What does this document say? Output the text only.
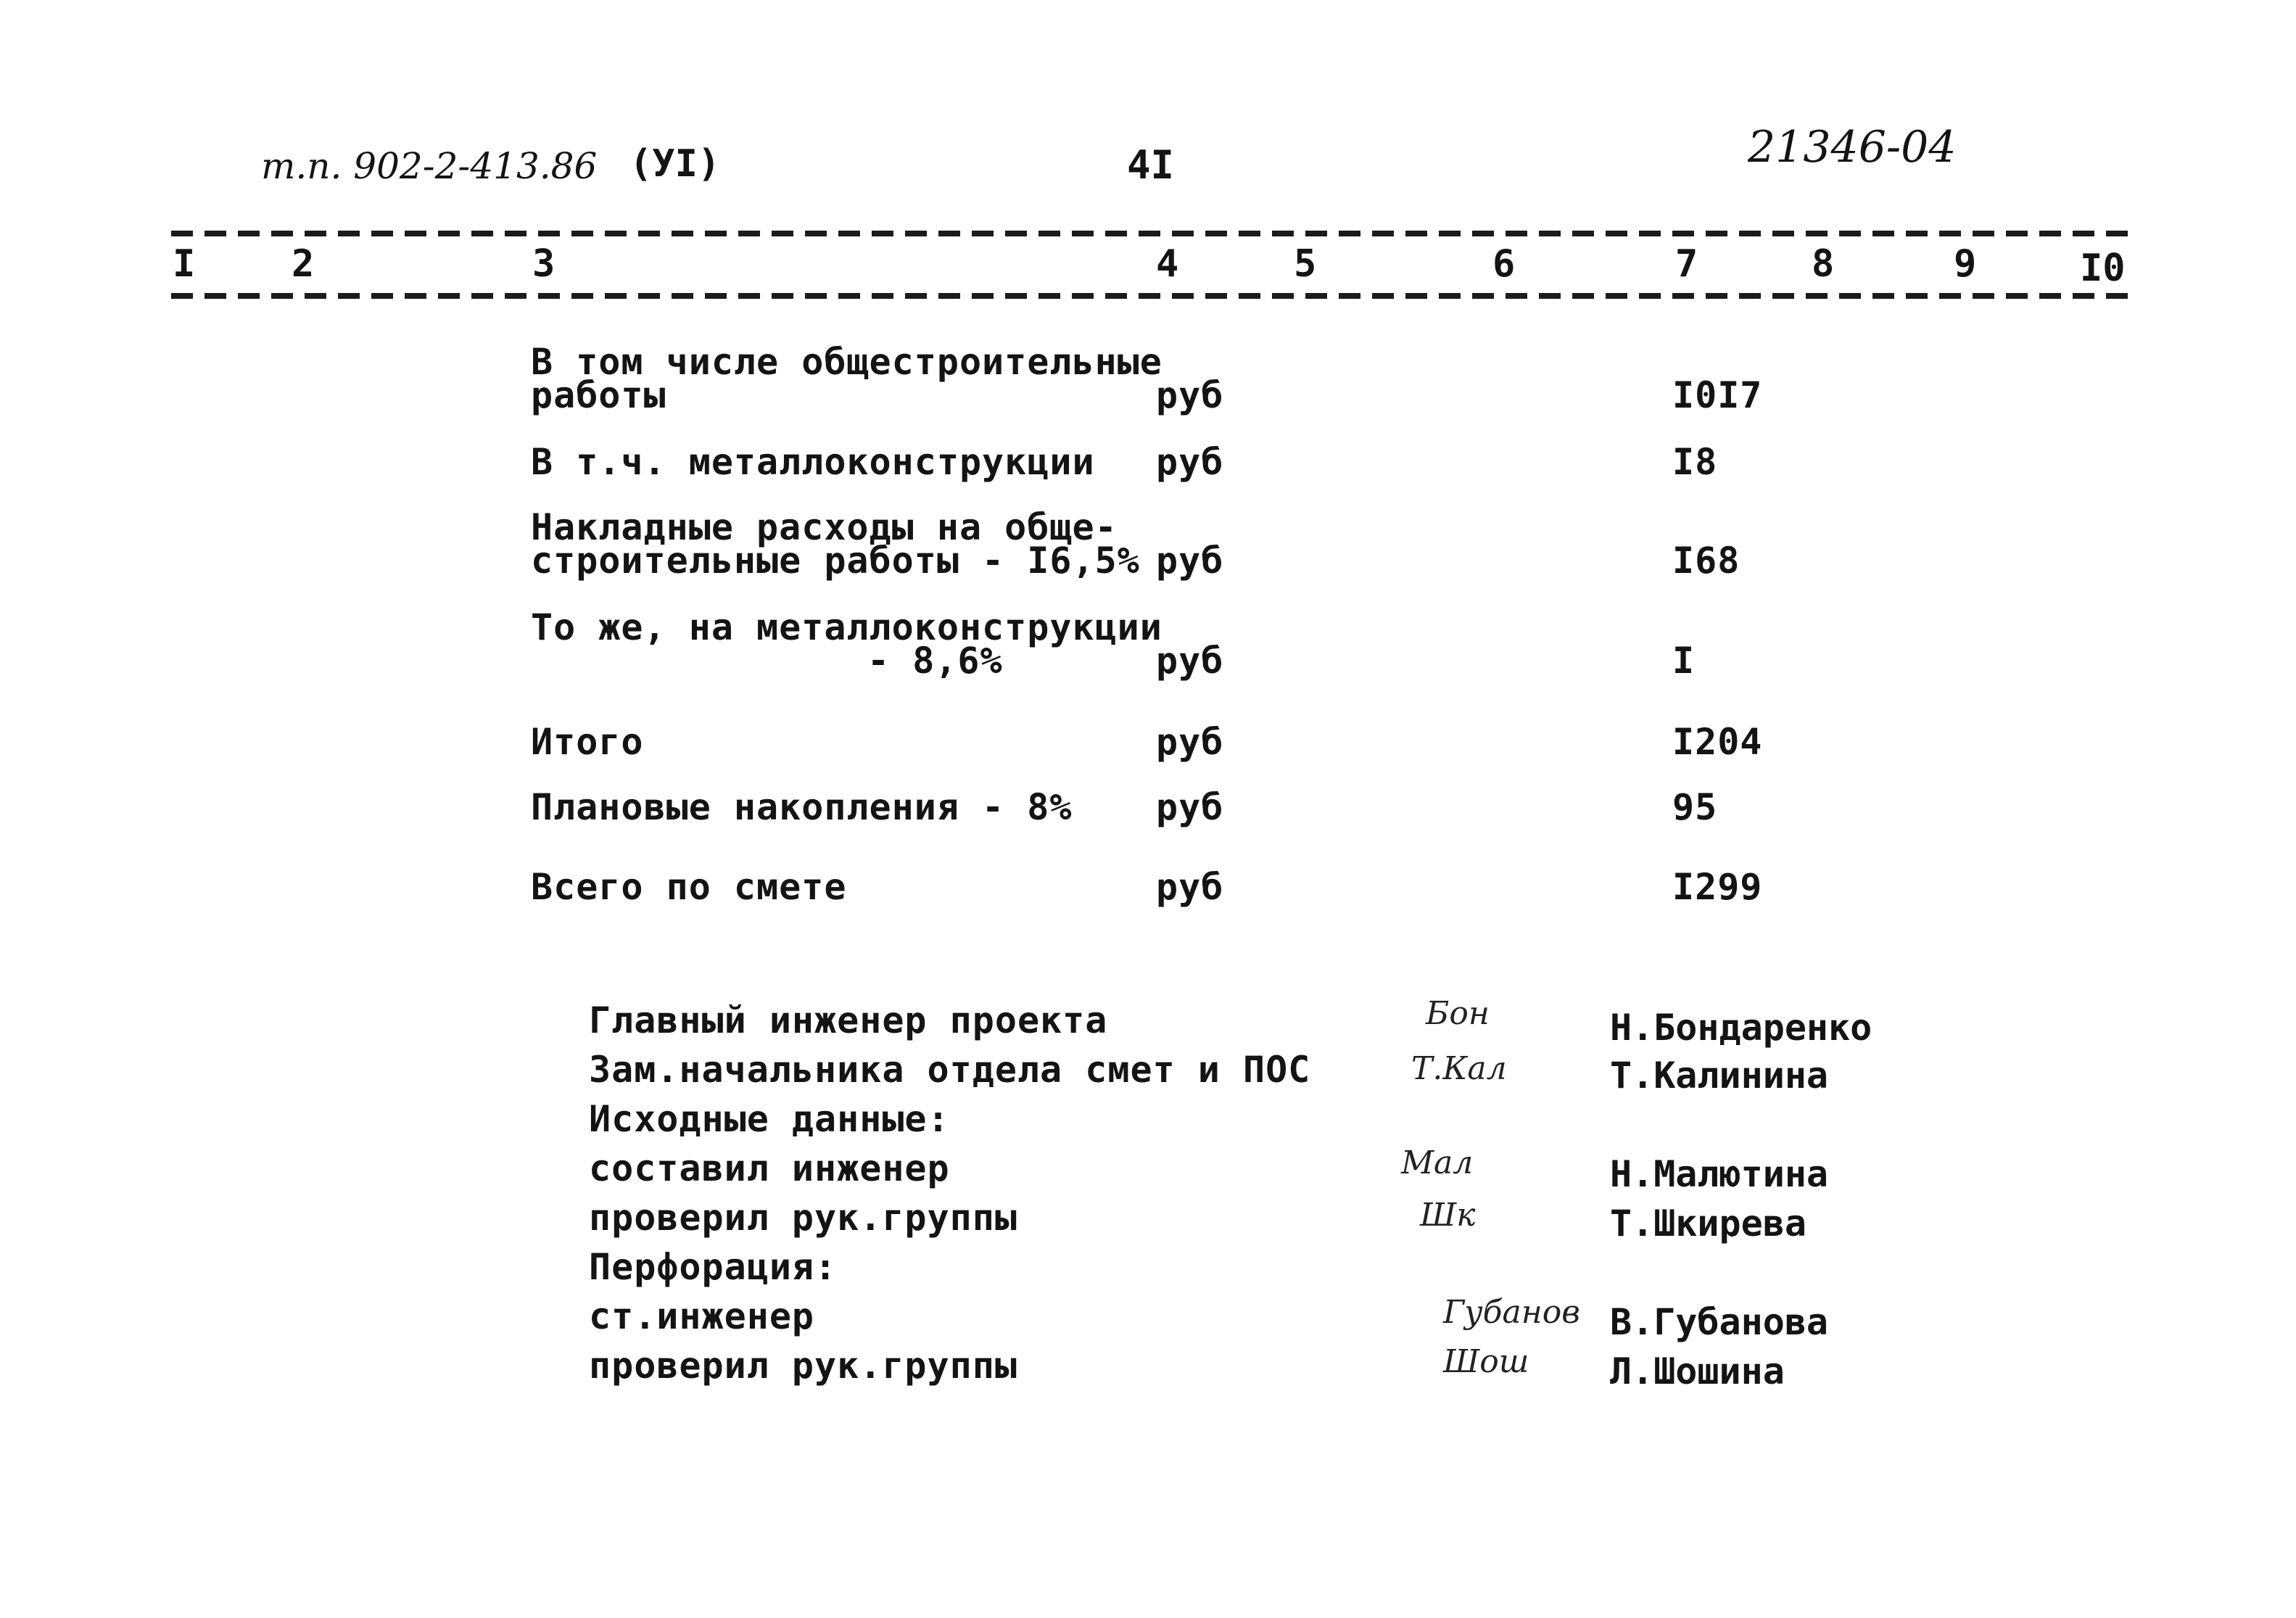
т.п. 902-2-413.86 (УI)	4I	21346-04
I	2	3	4	5	6	7	8	9	I0
В том числе общестроительные
работы	руб	I0I7
В т.ч. металлоконструкции руб	I8
Накладные расходы на обще-
строительные работы - I6,5% руб	I68
То же, на металлоконструкции
- 8,6%	руб	I
Итого	руб	I204
Плановые накопления - 8% руб	95
Всего по смете	руб	I299
Главный инженер проекта	Бон	Н.Бондаренко
Зам.начальника отдела смет и ПОС	Т.Кал	Т.Калинина
Исходные данные:
составил инженер	Мал	Н.Малютина
проверил рук.группы	Шк	Т.Шкирева
Перфорация:
ст.инженер	Губанов В.Губанова
проверил рук.группы	Шош Л.Шошина
